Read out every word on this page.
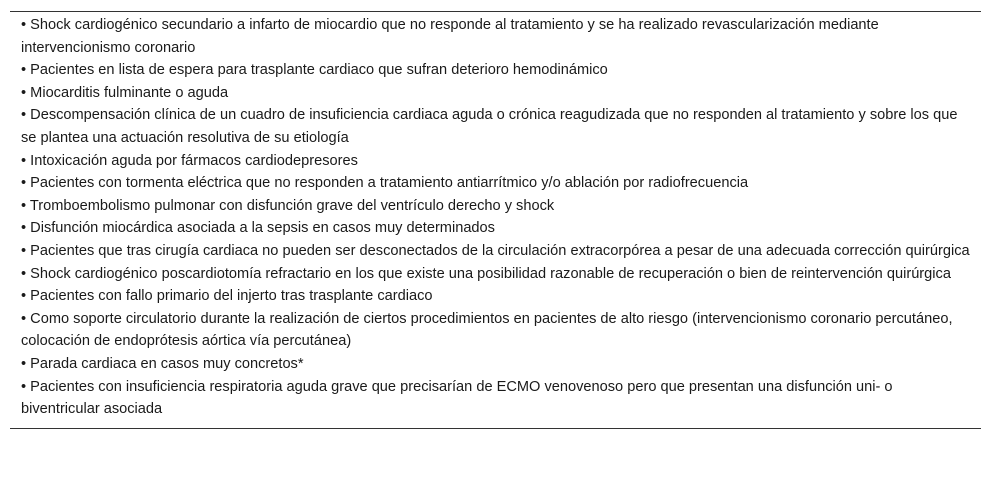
• Shock cardiogénico secundario a infarto de miocardio que no responde al tratamiento y se ha realizado revascularización mediante intervencionismo coronario

• Pacientes en lista de espera para trasplante cardiaco que sufran deterioro hemodinámico

• Miocarditis fulminante o aguda

• Descompensación clínica de un cuadro de insuficiencia cardiaca aguda o crónica reagudizada que no responden al tratamiento y sobre los que se plantea una actuación resolutiva de su etiología

• Intoxicación aguda por fármacos cardiodepresores

• Pacientes con tormenta eléctrica que no responden a tratamiento antiarrítmico y/o ablación por radiofrecuencia

• Tromboembolismo pulmonar con disfunción grave del ventrículo derecho y shock

• Disfunción miocárdica asociada a la sepsis en casos muy determinados

• Pacientes que tras cirugía cardiaca no pueden ser desconectados de la circulación extracorpórea a pesar de una adecuada corrección quirúrgica

• Shock cardiogénico poscardiotomía refractario en los que existe una posibilidad razonable de recuperación o bien de reintervención quirúrgica

• Pacientes con fallo primario del injerto tras trasplante cardiaco

• Como soporte circulatorio durante la realización de ciertos procedimientos en pacientes de alto riesgo (intervencionismo coronario percutáneo, colocación de endoprótesis aórtica vía percutánea)

• Parada cardiaca en casos muy concretos*

• Pacientes con insuficiencia respiratoria aguda grave que precisarían de ECMO venovenoso pero que presentan una disfunción uni- o biventricular asociada
